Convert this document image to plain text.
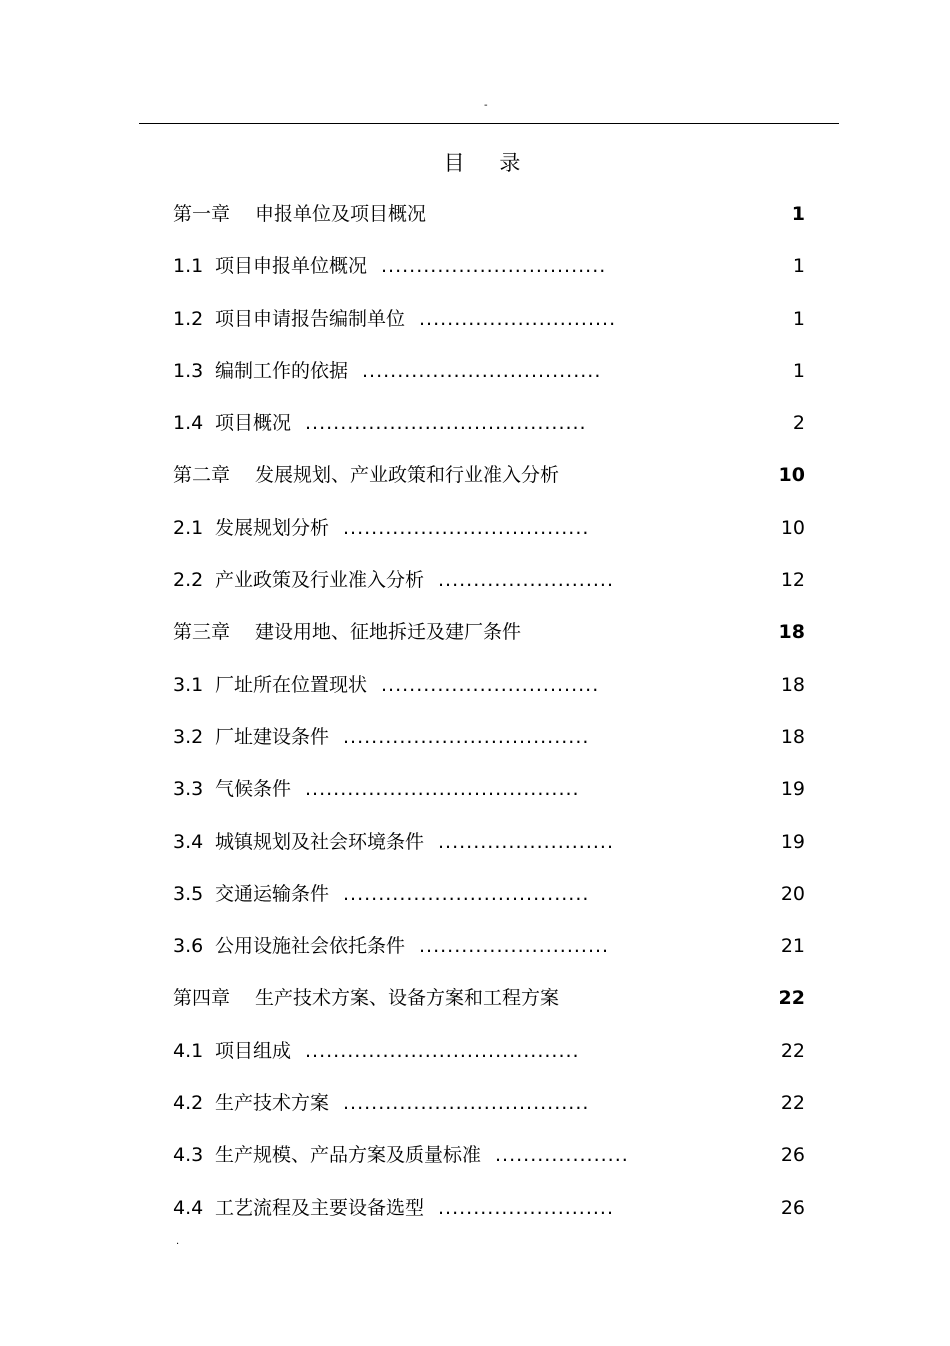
-
目 录
第一章 申报单位及项目概况	1
1.1 项目申报单位概况 ................................	1
1.2 项目申请报告编制单位 ............................	1
1.3 编制工作的依据 ..................................	1
1.4 项目概况 ........................................	2
第二章 发展规划、产业政策和行业准入分析	10
2.1 发展规划分析 ...................................	10
2.2 产业政策及行业准入分析 .........................	12
第三章 建设用地、征地拆迁及建厂条件	18
3.1 厂址所在位置现状 ...............................	18
3.2 厂址建设条件 ...................................	18
3.3 气候条件 .......................................	19
3.4 城镇规划及社会环境条件 .........................	19
3.5 交通运输条件 ...................................	20
3.6 公用设施社会依托条件 ...........................	21
第四章 生产技术方案、设备方案和工程方案	22
4.1 项目组成 .......................................	22
4.2 生产技术方案 ...................................	22
4.3 生产规模、产品方案及质量标准 ...................	26
4.4 工艺流程及主要设备选型 .........................	26
.
